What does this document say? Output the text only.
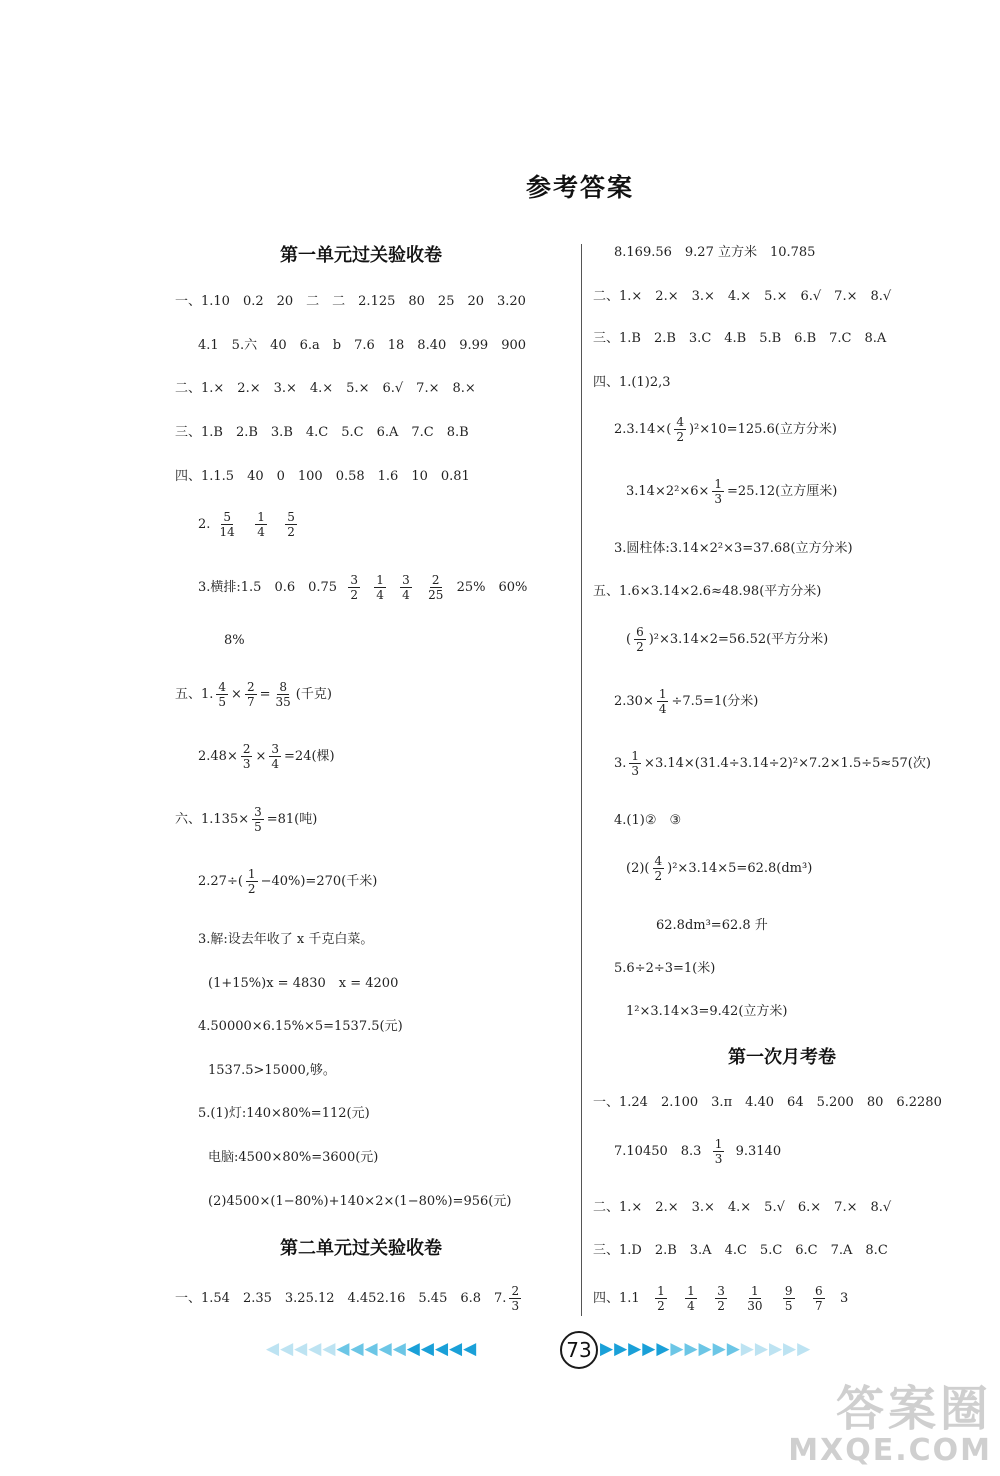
参考答案
第一单元过关验收卷
一、1.10　0.2　20　二　二　2.125　80　25　20　3.20
4.1　5.六　40　6.a　b　7.6　18　8.40　9.99　900
二、1.×　2.×　3.×　4.×　5.×　6.√　7.×　8.×
三、1.B　2.B　3.B　4.C　5.C　6.A　7.C　8.B
四、1.1.5　40　0　100　0.58　1.6　10　0.81
2. $\frac{5}{14}$
$\frac{1}{4}$
$\frac{5}{2}$
3.横排:1.5　0.6　$0.75 \frac{3}{2}$
$\frac{1}{4}$
$\frac{3}{4}$
$\frac{2}{25} 25\%$　60%
8%
五、1. $\frac{4}{5} \times \frac{2}{7} = \frac{8}{35}$ (千克)
$2.48\times \frac{2}{3} \times \frac{3}{4} =24$(棵)
六、$1.135\times \frac{3}{5} =81$(吨)
$2.27\div( \frac{1}{2} -40\%)=270$(千米)
3.解:设去年收了 x 千克白菜。
(1+15%)x = 4830　x = 4200
4.50000×6.15%×5=1537.5(元)
1537.5>15000,够。
5.(1)灯:140×80%=112(元)
电脑:4500×80%=3600(元)
(2)4500×(1−80%)+140×2×(1−80%)=956(元)
第二单元过关验收卷
一、1.54　2.35　3.25.12　4.452.16　5.45　6.8　7. $\frac{2}{3}$
8.169.56　9.27 立方米　10.785
二、1.×　2.×　3.×　4.×　5.×　6.√　7.×　8.√
三、1.B　2.B　3.C　4.B　5.B　6.B　7.C　8.A
四、1.(1)2,3
$2.3.14\times( \frac{4}{2} )^2\times 10=125.6$(立方分米)
$3.14\times 2^2\times 6\times \frac{1}{3} =25.12$(立方厘米)
3.圆柱体:3.14×2²×3=37.68(立方分米)
五、1.6×3.14×2.6≈48.98(平方分米)
( $\frac{6}{2} )^2\times 3.14\times 2=56.52$(平方分米)
$2.30\times \frac{1}{4} \div 7.5=1$(分米)
3. $\frac{1}{3} \times 3.14\times(31.4\div 3.14\div 2)^2\times 7.2\times 1.5\div 5\approx 57$(次)
4.(1)②　③
$(2)( \frac{4}{2} )^2\times 3.14\times 5=62.8(dm^3)$
62.8dm³=62.8 升
5.6÷2÷3=1(米)
1²×3.14×3=9.42(立方米)
第一次月考卷
一、1.24　2.100　3.π　4.40　64　5.200　80　6.2280
7.10450　$8.3 \frac{1}{3} 9.3140$
二、1.×　2.×　3.×　4.×　5.√　6.×　7.×　8.√
三、1.D　2.B　3.A　4.C　5.C　6.C　7.A　8.C
四、$1.1 \frac{1}{2}$
$\frac{1}{4}$
$\frac{3}{2}$
$\frac{1}{30}$
$\frac{9}{5}$
$\frac{6}{7} 3$
◀◀◀◀◀◀◀◀◀◀◀◀◀◀◀	▶▶▶▶▶▶▶▶▶▶▶▶▶▶▶
73
答案圈
MXQE.COM
